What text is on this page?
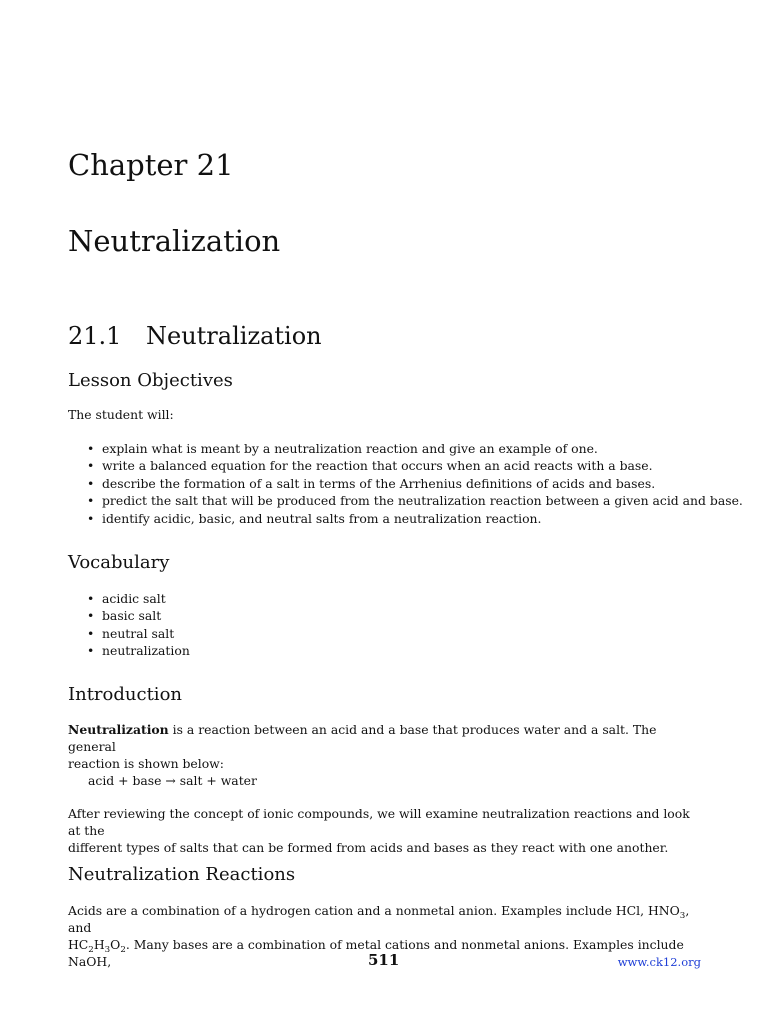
Chapter 21
Neutralization
21.1 Neutralization
Lesson Objectives

The student will:

• explain what is meant by a neutralization reaction and give an example of one.
• write a balanced equation for the reaction that occurs when an acid reacts with a base.
• describe the formation of a salt in terms of the Arrhenius definitions of acids and bases.
• predict the salt that will be produced from the neutralization reaction between a given acid and base.
• identify acidic, basic, and neutral salts from a neutralization reaction.
Vocabulary
• acidic salt
• basic salt
• neutral salt
• neutralization
Introduction

Neutralization is a reaction between an acid and a base that produces water and a salt. The general
reaction is shown below:

acid + base → salt + water

After reviewing the concept of ionic compounds, we will examine neutralization reactions and look at the
different types of salts that can be formed from acids and bases as they react with one another.

Neutralization Reactions

Acids are a combination of a hydrogen cation and a nonmetal anion. Examples include HCl, $HNO_3$, and
$HC_2H_3O_2$. Many bases are a combination of metal cations and nonmetal anions. Examples include NaOH,	511	www.ck12.org
